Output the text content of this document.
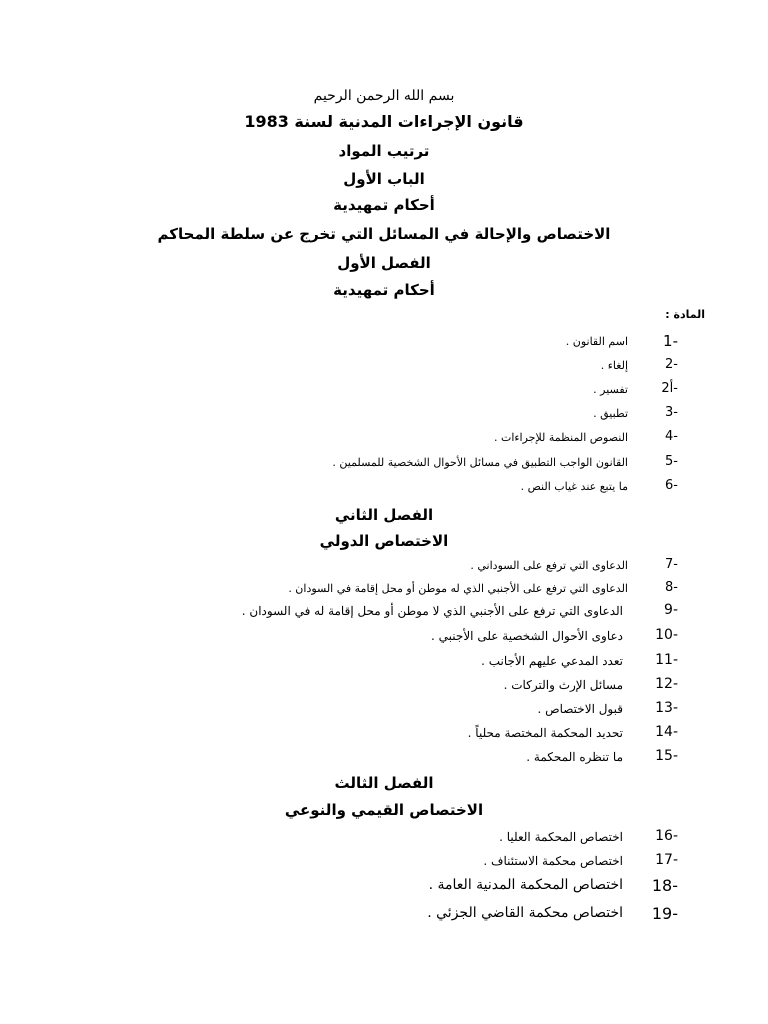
بسم الله الرحمن الرحيم
قانون الإجراءات المدنية لسنة 1983
ترتيب المواد
الباب الأول
أحكام تمهيدية
الاختصاص والإحالة في المسائل التي تخرج عن سلطة المحاكم
الفصل الأول
أحكام تمهيدية
المادة :
1-
اسم القانون .
2-
إلغاء .
2أ-
تفسير .
3-
تطبيق .
4-
النصوص المنظمة للإجراءات .
5-
القانون الواجب التطبيق في مسائل الأحوال الشخصية للمسلمين .
6-
ما يتبع عند غياب النص .
الفصل الثاني
الاختصاص الدولي
7-
الدعاوى التي ترفع على السوداني .
8-
الدعاوى التي ترفع على الأجنبي الذي له موطن أو محل إقامة في السودان .
9-
الدعاوى التي ترفع على الأجنبي الذي لا موطن أو محل إقامة له في السودان .
10-
دعاوى الأحوال الشخصية على الأجنبي .
11-
تعدد المدعي عليهم الأجانب .
12-
مسائل الإرث والتركات .
13-
قبول الاختصاص .
14-
تحديد المحكمة المختصة محلياً .
15-
ما تنظره المحكمة .
الفصل الثالث
الاختصاص القيمي والنوعي
16-
اختصاص المحكمة العليا .
17-
اختصاص محكمة الاستئناف .
18-
اختصاص المحكمة المدنية العامة .
19-
اختصاص محكمة القاضي الجزئي .
